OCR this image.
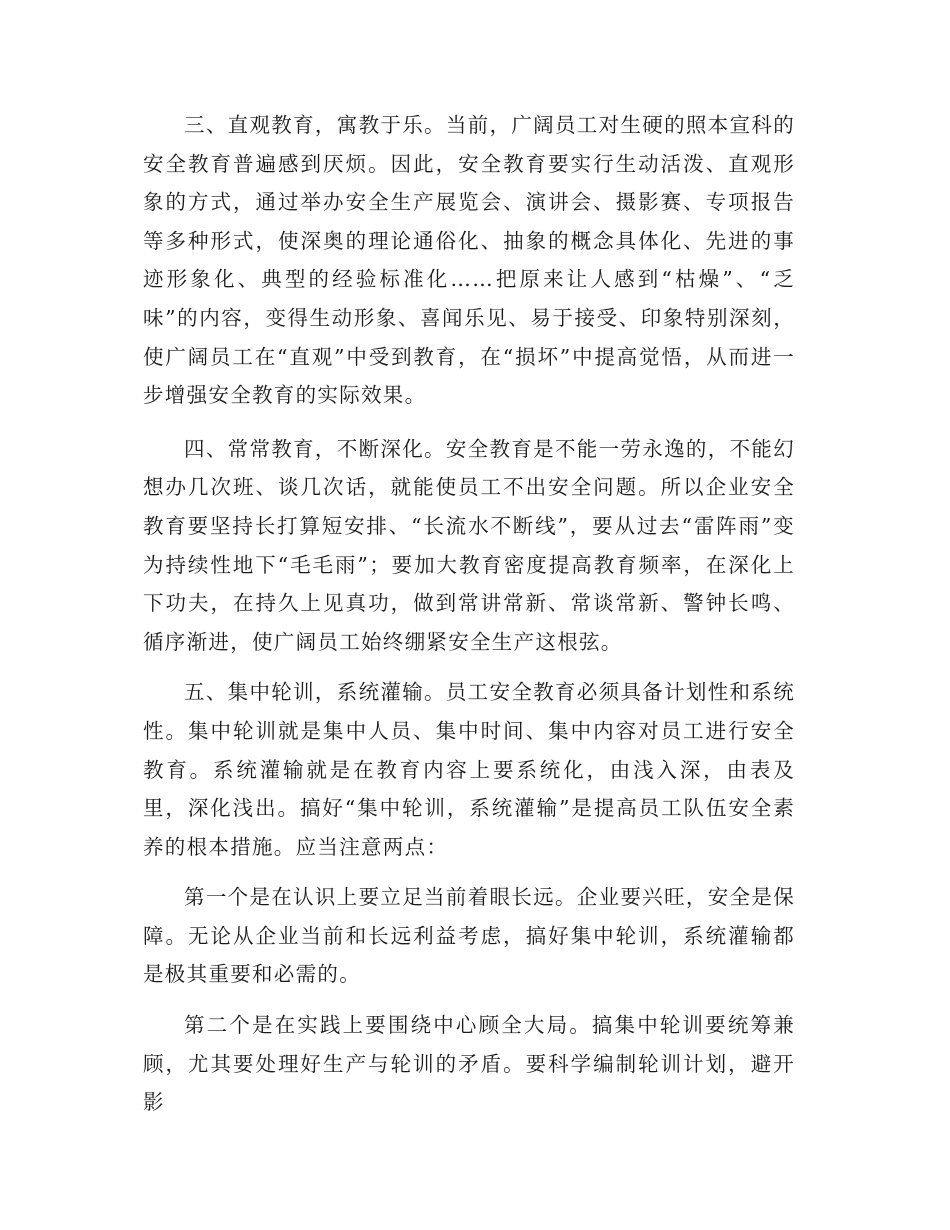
三、直观教育，寓教于乐。当前，广阔员工对生硬的照本宣科的安全教育普遍感到厌烦。因此，安全教育要实行生动活泼、直观形象的方式，通过举办安全生产展览会、演讲会、摄影赛、专项报告等多种形式，使深奥的理论通俗化、抽象的概念具体化、先进的事迹形象化、典型的经验标准化……把原来让人感到“枯燥”、“乏味”的内容，变得生动形象、喜闻乐见、易于接受、印象特别深刻，使广阔员工在“直观”中受到教育，在“损坏”中提高觉悟，从而进一步增强安全教育的实际效果。

四、常常教育，不断深化。安全教育是不能一劳永逸的，不能幻想办几次班、谈几次话，就能使员工不出安全问题。所以企业安全教育要坚持长打算短安排、“长流水不断线”，要从过去“雷阵雨”变为持续性地下“毛毛雨”；要加大教育密度提高教育频率，在深化上下功夫，在持久上见真功，做到常讲常新、常谈常新、警钟长鸣、循序渐进，使广阔员工始终绷紧安全生产这根弦。

五、集中轮训，系统灌输。员工安全教育必须具备计划性和系统性。集中轮训就是集中人员、集中时间、集中内容对员工进行安全教育。系统灌输就是在教育内容上要系统化，由浅入深，由表及里，深化浅出。搞好“集中轮训，系统灌输”是提高员工队伍安全素养的根本措施。应当注意两点：

第一个是在认识上要立足当前着眼长远。企业要兴旺，安全是保障。无论从企业当前和长远利益考虑，搞好集中轮训，系统灌输都是极其重要和必需的。

第二个是在实践上要围绕中心顾全大局。搞集中轮训要统筹兼顾，尤其要处理好生产与轮训的矛盾。要科学编制轮训计划，避开影
